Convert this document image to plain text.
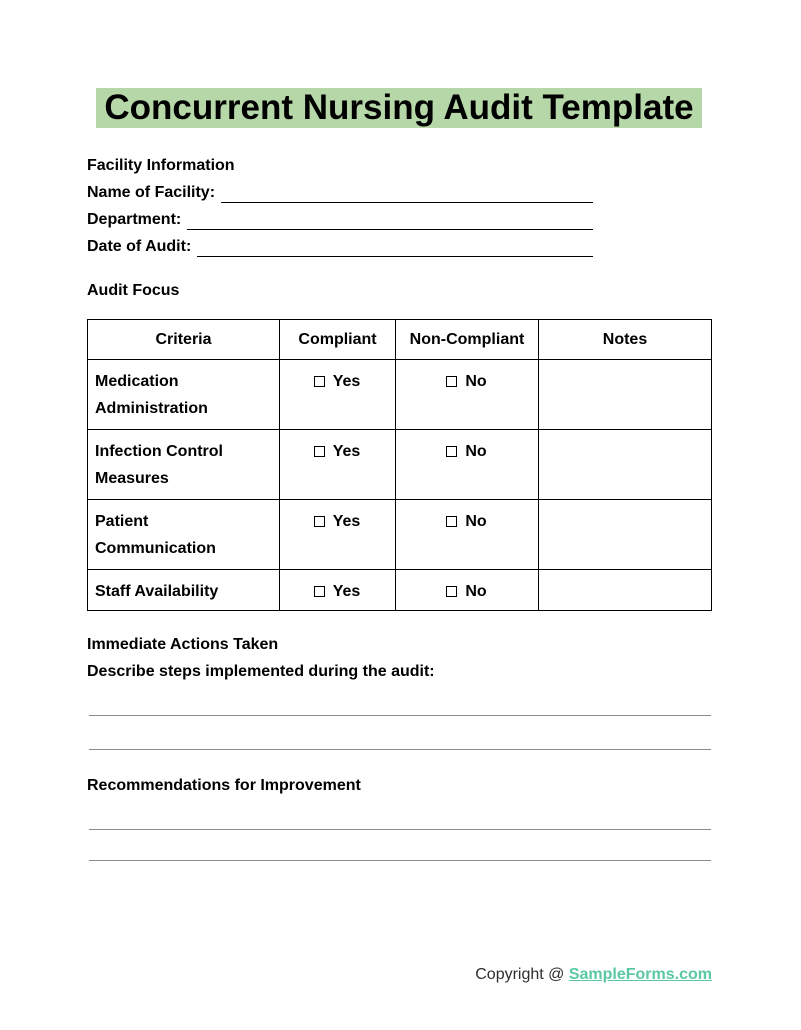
Concurrent Nursing Audit Template
Facility Information
Name of Facility:
Department:
Date of Audit:
Audit Focus
Criteria	Compliant	Non-Compliant	Notes
Medication Administration	Yes	No	
Infection Control Measures	Yes	No	
Patient Communication	Yes	No	
Staff Availability	Yes	No	
Immediate Actions Taken
Describe steps implemented during the audit:
Recommendations for Improvement
Copyright @ SampleForms.com
